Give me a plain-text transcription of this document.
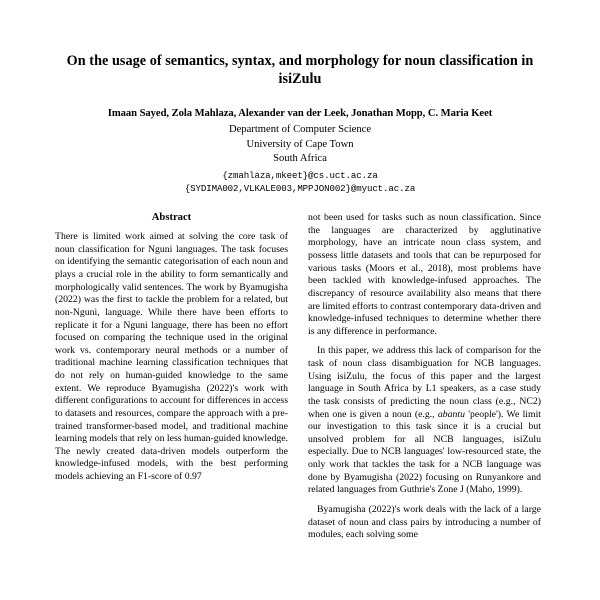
On the usage of semantics, syntax, and morphology for noun classification in isiZulu
Imaan Sayed, Zola Mahlaza, Alexander van der Leek, Jonathan Mopp, C. Maria Keet
Department of Computer Science
University of Cape Town
South Africa
{zmahlaza,mkeet}@cs.uct.ac.za
{SYDIMA002,VLKALE003,MPPJON002}@myuct.ac.za
Abstract

There is limited work aimed at solving the core task of noun classification for Nguni languages. The task focuses on identifying the semantic categorisation of each noun and plays a crucial role in the ability to form semantically and morphologically valid sentences. The work by Byamugisha (2022) was the first to tackle the problem for a related, but non-Nguni, language. While there have been efforts to replicate it for a Nguni language, there has been no effort focused on comparing the technique used in the original work vs. contemporary neural methods or a number of traditional machine learning classification techniques that do not rely on human-guided knowledge to the same extent. We reproduce Byamugisha (2022)'s work with different configurations to account for differences in access to datasets and resources, compare the approach with a pre-trained transformer-based model, and traditional machine learning models that rely on less human-guided knowledge. The newly created data-driven models outperform the knowledge-infused models, with the best performing models achieving an F1-score of 0.97

not been used for tasks such as noun classification. Since the languages are characterized by agglutinative morphology, have an intricate noun class system, and possess little datasets and tools that can be repurposed for various tasks (Moors et al., 2018), most problems have been tackled with knowledge-infused approaches. The discrepancy of resource availability also means that there are limited efforts to contrast contemporary data-driven and knowledge-infused techniques to determine whether there is any difference in performance.

In this paper, we address this lack of comparison for the task of noun class disambiguation for NCB languages. Using isiZulu, the focus of this paper and the largest language in South Africa by L1 speakers, as a case study the task consists of predicting the noun class (e.g., NC2) when one is given a noun (e.g., abantu 'people'). We limit our investigation to this task since it is a crucial but unsolved problem for all NCB languages, isiZulu especially. Due to NCB languages' low-resourced state, the only work that tackles the task for a NCB language was done by Byamugisha (2022) focusing on Runyankore and related languages from Guthrie's Zone J (Maho, 1999).

Byamugisha (2022)'s work deals with the lack of a large dataset of noun and class pairs by introducing a number of modules, each solving some
